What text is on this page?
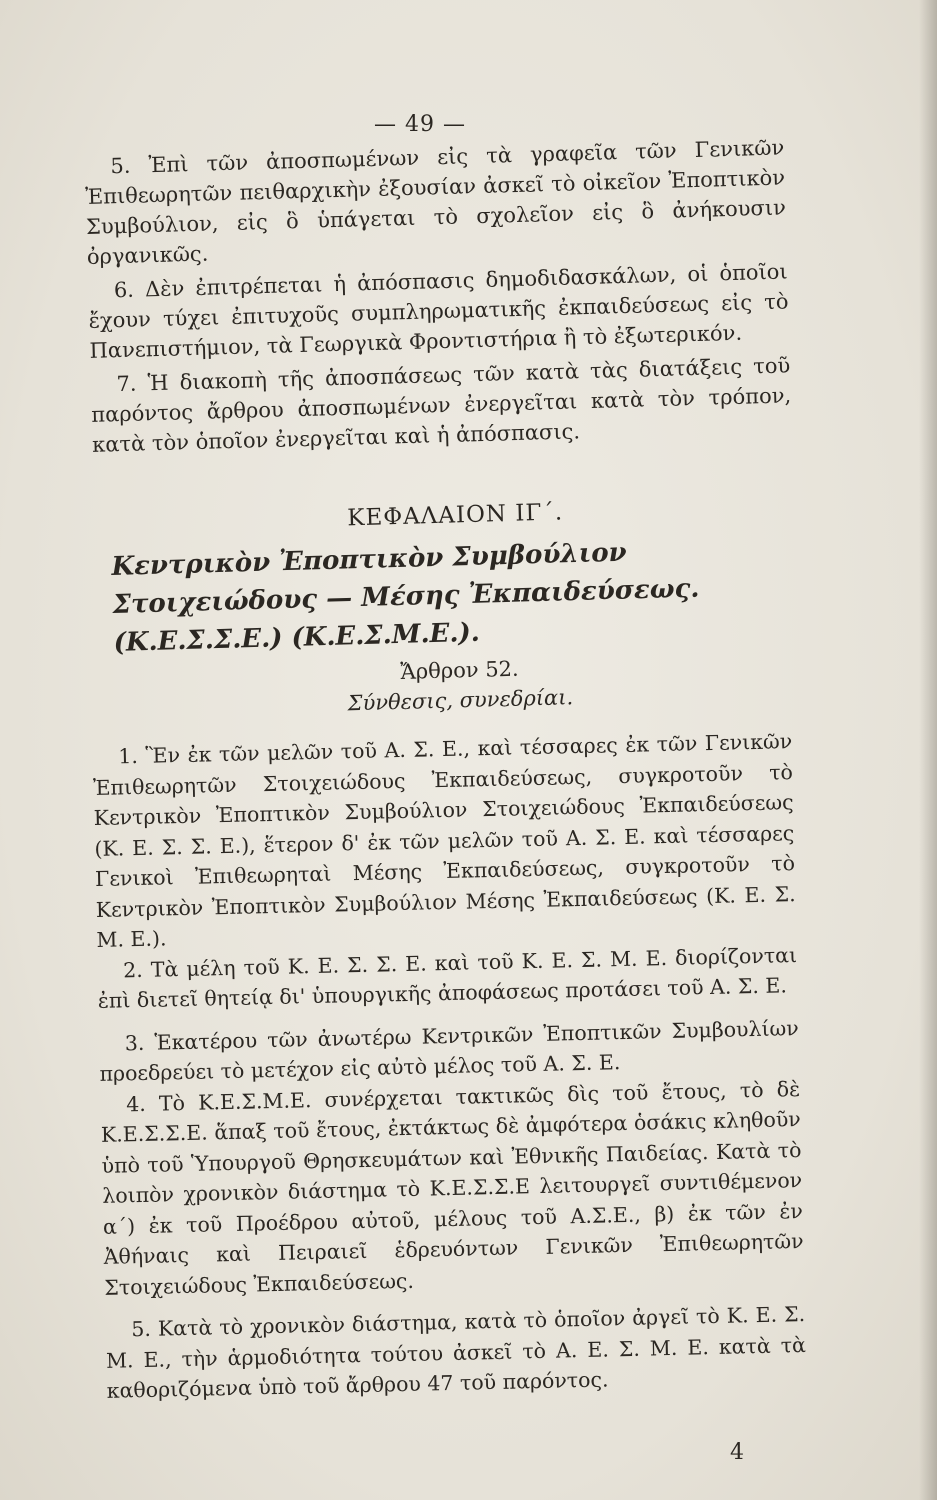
— 49 —

5. Ἐπὶ τῶν ἀποσπωμένων εἰς τὰ γραφεῖα τῶν Γενικῶν Ἐπιθεωρητῶν πειθαρχικὴν ἐξουσίαν ἀσκεῖ τὸ οἰκεῖον Ἐποπτικὸν Συμβούλιον, εἰς ὃ ὑπάγεται τὸ σχολεῖον εἰς ὃ ἀνήκουσιν ὀργανικῶς.

6. Δὲν ἐπιτρέπεται ἡ ἀπόσπασις δημοδιδασκάλων, οἱ ὁποῖοι ἔχουν τύχει ἐπιτυχοῦς συμπληρωματικῆς ἐκπαιδεύσεως εἰς τὸ Πανεπιστήμιον, τὰ Γεωργικὰ Φροντιστήρια ἢ τὸ ἐξωτερικόν.

7. Ἡ διακοπὴ τῆς ἀποσπάσεως τῶν κατὰ τὰς διατάξεις τοῦ παρόντος ἄρθρου ἀποσπωμένων ἐνεργεῖται κατὰ τὸν τρόπον, κατὰ τὸν ὁποῖον ἐνεργεῖται καὶ ἡ ἀπόσπασις.

ΚΕΦΑΛΑΙΟΝ ΙΓ΄.
Κεντρικὸν Ἐποπτικὸν Συμβούλιον Στοιχειώδους — Μέσης Ἐκπαιδεύσεως. (Κ.Ε.Σ.Σ.Ε.) (Κ.Ε.Σ.Μ.Ε.).
Ἄρθρον 52.
Σύνθεσις, συνεδρίαι.

1. Ἓν ἐκ τῶν μελῶν τοῦ Α. Σ. Ε., καὶ τέσσαρες ἐκ τῶν Γενικῶν Ἐπιθεωρητῶν Στοιχειώδους Ἐκπαιδεύσεως, συγκροτοῦν τὸ Κεντρικὸν Ἐποπτικὸν Συμβούλιον Στοιχειώδους Ἐκπαιδεύσεως (Κ. Ε. Σ. Σ. Ε.), ἕτερον δ' ἐκ τῶν μελῶν τοῦ Α. Σ. Ε. καὶ τέσσαρες Γενικοὶ Ἐπιθεωρηταὶ Μέσης Ἐκπαιδεύσεως, συγκροτοῦν τὸ Κεντρικὸν Ἐποπτικὸν Συμβούλιον Μέσης Ἐκπαιδεύσεως (Κ. Ε. Σ. Μ. Ε.).

2. Τὰ μέλη τοῦ Κ. Ε. Σ. Σ. Ε. καὶ τοῦ Κ. Ε. Σ. Μ. Ε. διορίζονται ἐπὶ διετεῖ θητείᾳ δι' ὑπουργικῆς ἀποφάσεως προτάσει τοῦ Α. Σ. Ε.

3. Ἑκατέρου τῶν ἀνωτέρω Κεντρικῶν Ἐποπτικῶν Συμβουλίων προεδρεύει τὸ μετέχον εἰς αὐτὸ μέλος τοῦ Α. Σ. Ε.

4. Τὸ Κ.Ε.Σ.Μ.Ε. συνέρχεται τακτικῶς δὶς τοῦ ἔτους, τὸ δὲ Κ.Ε.Σ.Σ.Ε. ἅπαξ τοῦ ἔτους, ἐκτάκτως δὲ ἀμφότερα ὁσάκις κληθοῦν ὑπὸ τοῦ Ὑπουργοῦ Θρησκευμάτων καὶ Ἐθνικῆς Παιδείας. Κατὰ τὸ λοιπὸν χρονικὸν διάστημα τὸ Κ.Ε.Σ.Σ.Ε λειτουργεῖ συντιθέμενον α΄) ἐκ τοῦ Προέδρου αὐτοῦ, μέλους τοῦ Α.Σ.Ε., β) ἐκ τῶν ἐν Ἀθήναις καὶ Πειραιεῖ ἑδρευόντων Γενικῶν Ἐπιθεωρητῶν Στοιχειώδους Ἐκπαιδεύσεως.

5. Κατὰ τὸ χρονικὸν διάστημα, κατὰ τὸ ὁποῖον ἀργεῖ τὸ Κ. Ε. Σ. Μ. Ε., τὴν ἁρμοδιότητα τούτου ἀσκεῖ τὸ Α. Ε. Σ. Μ. Ε. κατὰ τὰ καθοριζόμενα ὑπὸ τοῦ ἄρθρου 47 τοῦ παρόντος.

4
